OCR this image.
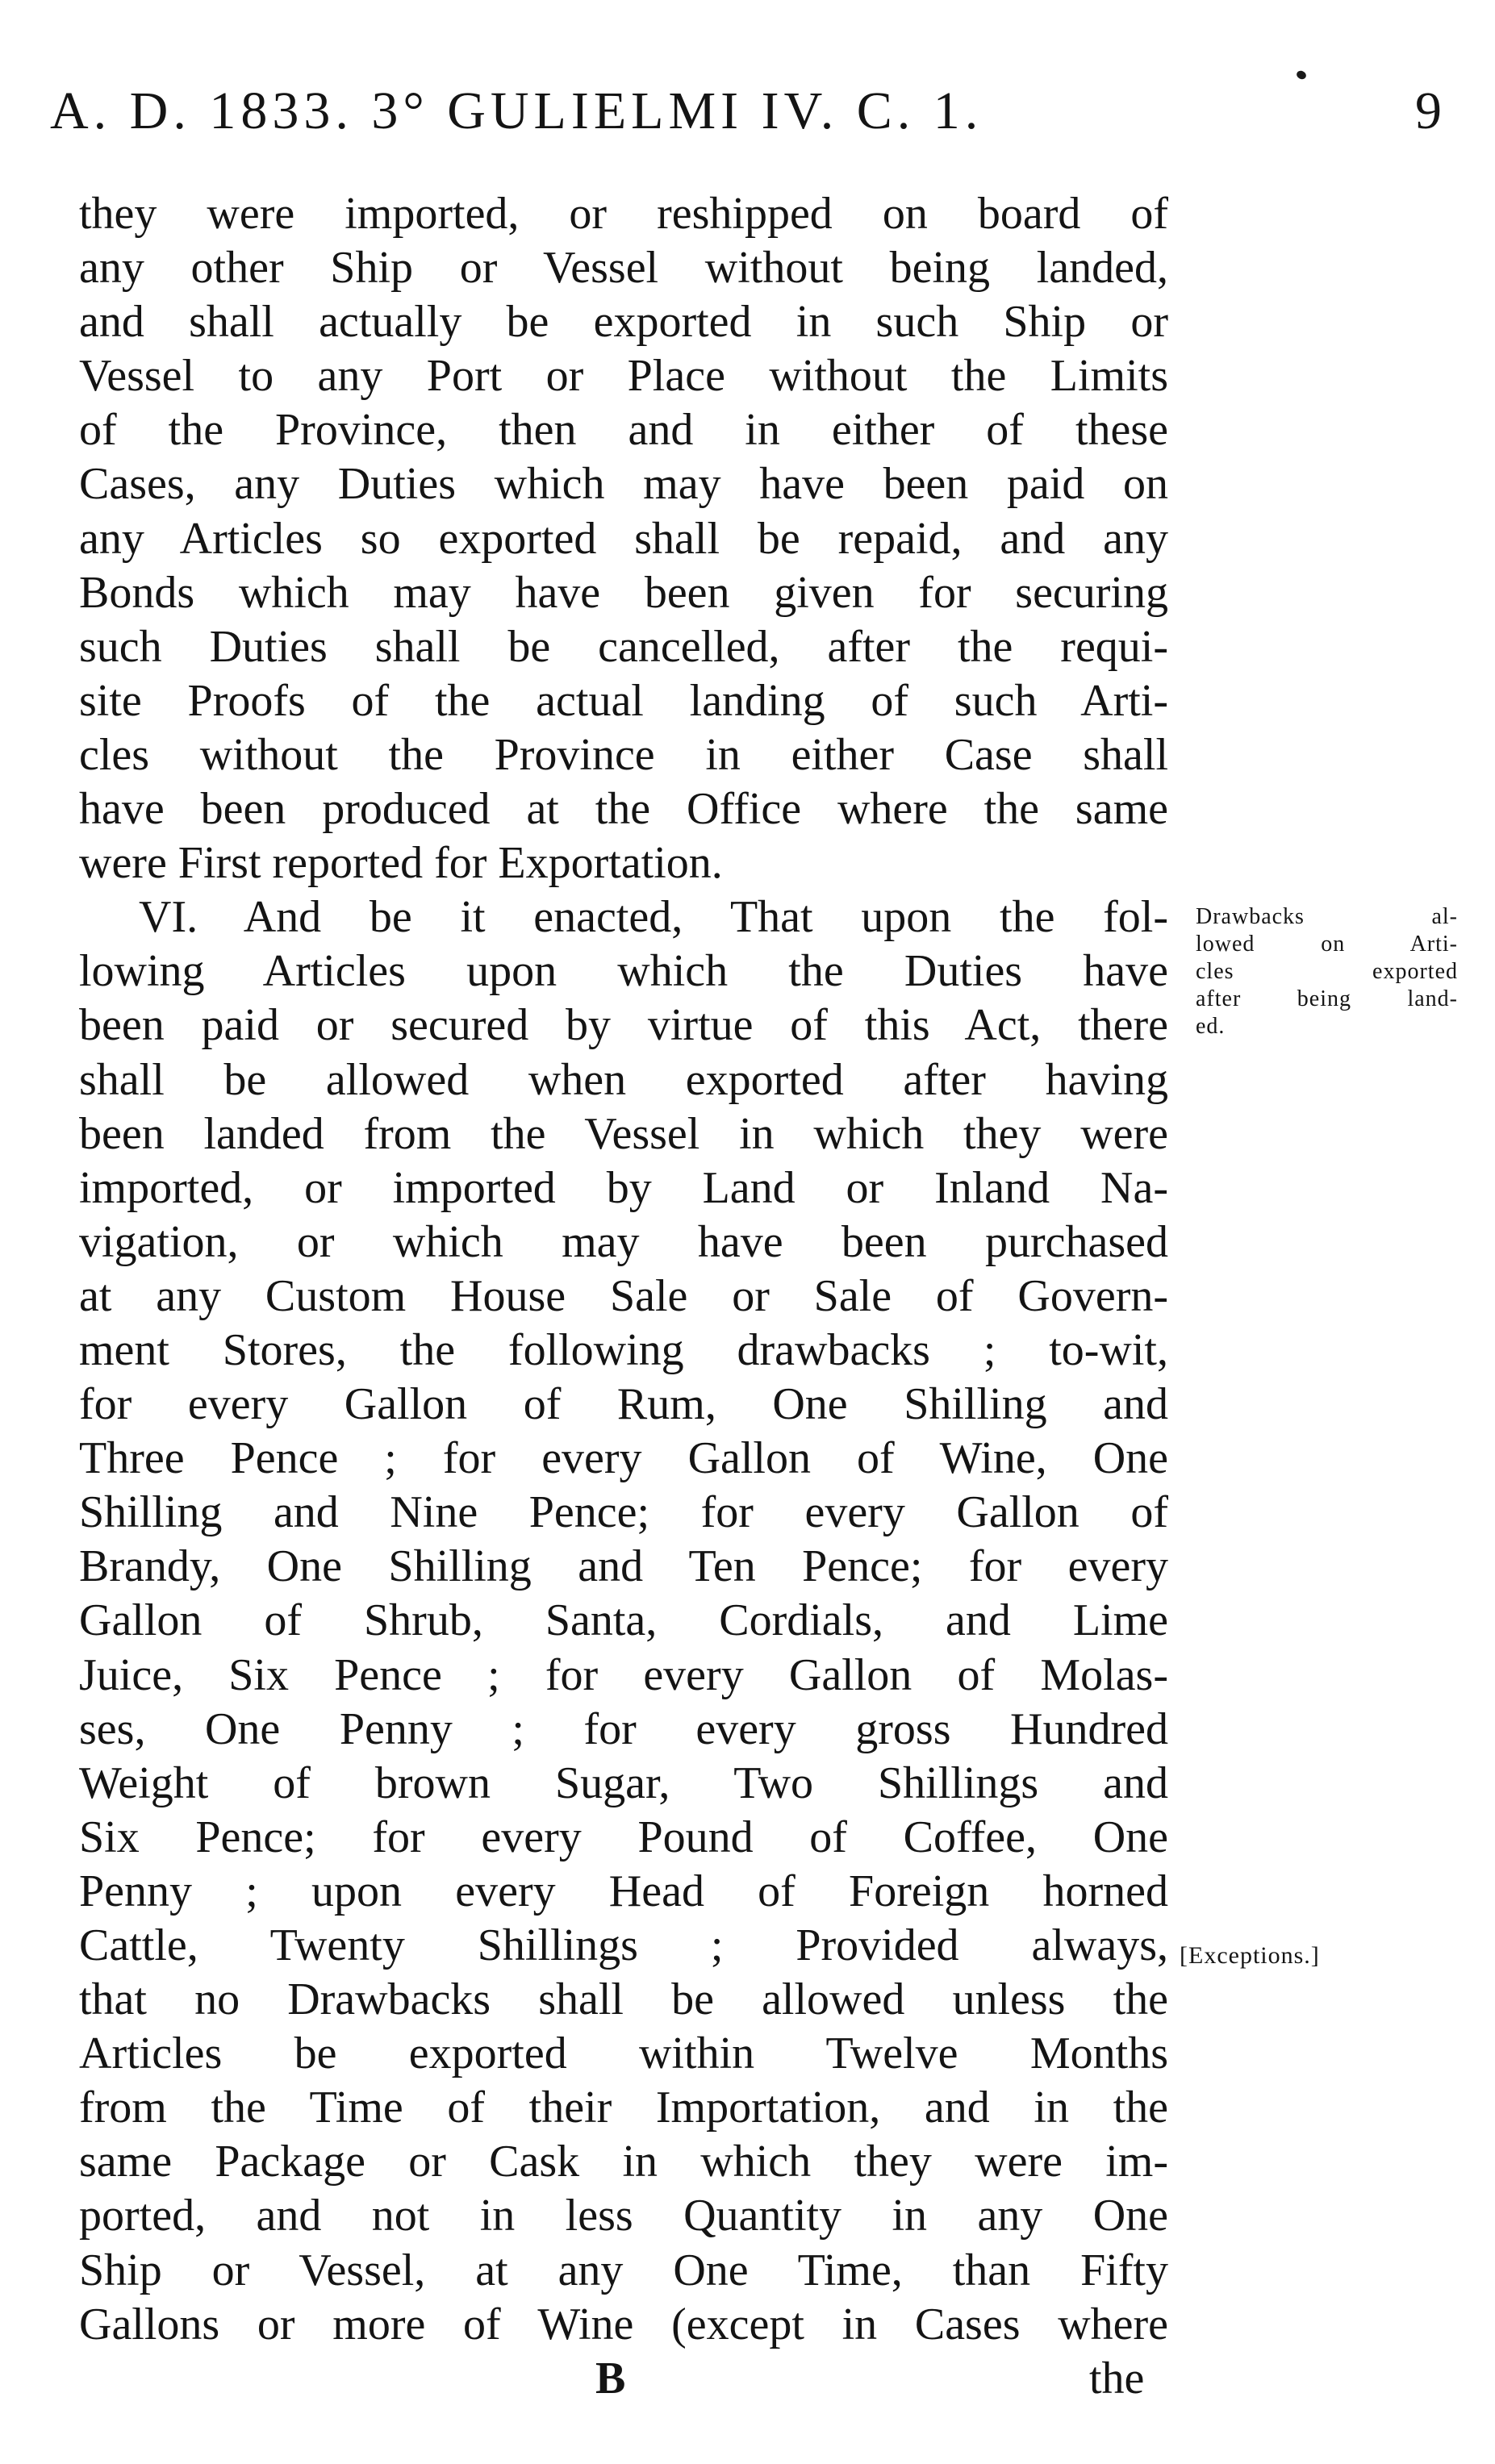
A. D. 1833. 3° GULIELMI IV. C. 1.	9
they were imported, or reshipped on board of
any other Ship or Vessel without being landed,
and shall actually be exported in such Ship or
Vessel to any Port or Place without the Limits
of the Province, then and in either of these
Cases, any Duties which may have been paid on
any Articles so exported shall be repaid, and any
Bonds which may have been given for securing
such Duties shall be cancelled, after the requi-
site Proofs of the actual landing of such Arti-
cles without the Province in either Case shall
have been produced at the Office where the same
were First reported for Exportation.
VI. And be it enacted, That upon the fol-
lowing Articles upon which the Duties have
been paid or secured by virtue of this Act, there
shall be allowed when exported after having
been landed from the Vessel in which they were
imported, or imported by Land or Inland Na-
vigation, or which may have been purchased
at any Custom House Sale or Sale of Govern-
ment Stores, the following drawbacks ; to-wit,
for every Gallon of Rum, One Shilling and
Three Pence ; for every Gallon of Wine, One
Shilling and Nine Pence; for every Gallon of
Brandy, One Shilling and Ten Pence; for every
Gallon of Shrub, Santa, Cordials, and Lime
Juice, Six Pence ; for every Gallon of Molas-
ses, One Penny ; for every gross Hundred
Weight of brown Sugar, Two Shillings and
Six Pence; for every Pound of Coffee, One
Penny ; upon every Head of Foreign horned
Cattle, Twenty Shillings ; Provided always,
that no Drawbacks shall be allowed unless the
Articles be exported within Twelve Months
from the Time of their Importation, and in the
same Package or Cask in which they were im-
ported, and not in less Quantity in any One
Ship or Vessel, at any One Time, than Fifty
Gallons or more of Wine (except in Cases where
B	the
Drawbacks al-
lowed on Arti-
cles exported
after being land-
ed.
[Exceptions.]
